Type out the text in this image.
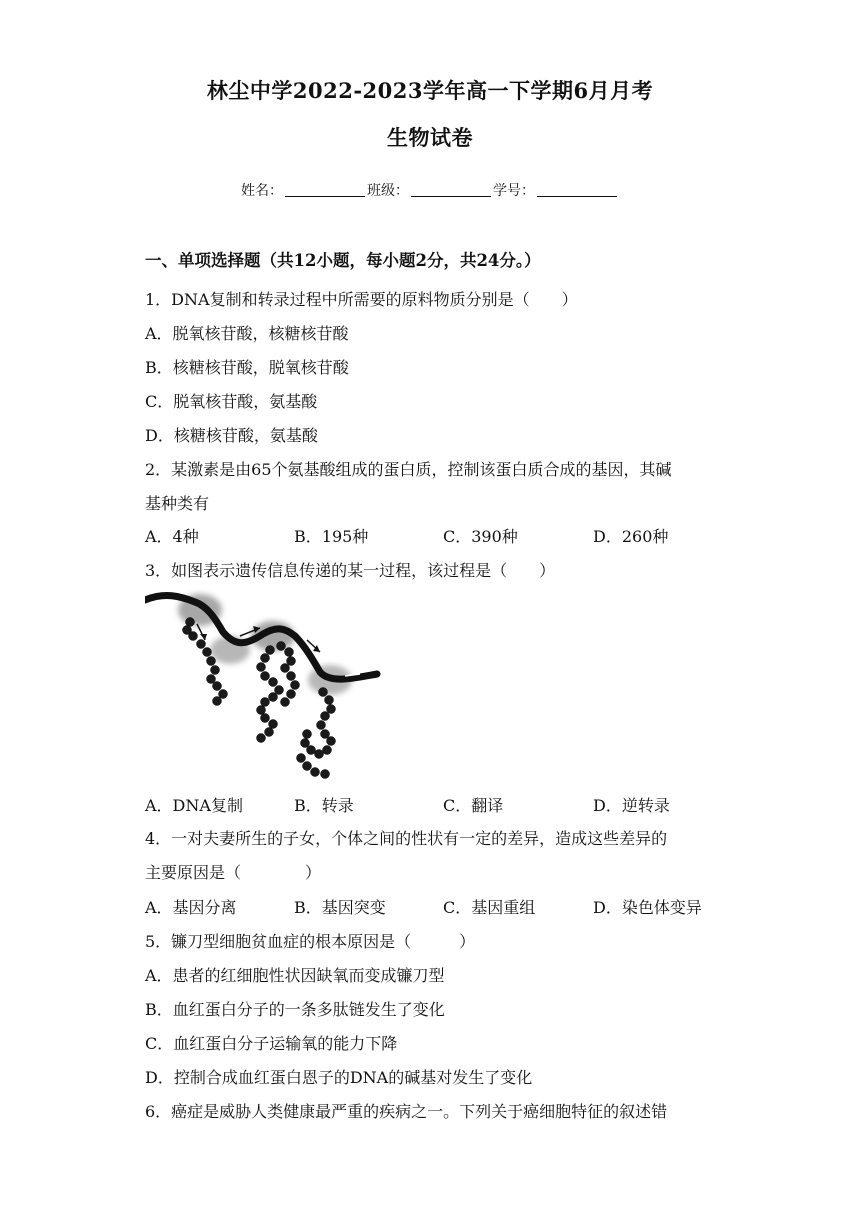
林尘中学2022-2023学年高一下学期6月月考
生物试卷
姓名：	班级：	学号：
一、单项选择题（共12小题，每小题2分，共24分。）
1．DNA复制和转录过程中所需要的原料物质分别是（　　）
A．脱氧核苷酸，核糖核苷酸
B．核糖核苷酸，脱氧核苷酸
C．脱氧核苷酸，氨基酸
D．核糖核苷酸，氨基酸
2．某激素是由65个氨基酸组成的蛋白质，控制该蛋白质合成的基因，其碱
基种类有
A．4种	B．195种	C．390种	D．260种
3．如图表示遗传信息传递的某一过程，该过程是（　　）
A．DNA复制	B．转录	C．翻译	D．逆转录
4．一对夫妻所生的子女，个体之间的性状有一定的差异，造成这些差异的
主要原因是（　　　　）
A．基因分离	B．基因突变	C．基因重组	D．染色体变异
5．镰刀型细胞贫血症的根本原因是（　　　）
A．患者的红细胞性状因缺氧而变成镰刀型
B．血红蛋白分子的一条多肽链发生了变化
C．血红蛋白分子运输氧的能力下降
D．控制合成血红蛋白恩子的DNA的碱基对发生了变化
6．癌症是威胁人类健康最严重的疾病之一。下列关于癌细胞特征的叙述错
